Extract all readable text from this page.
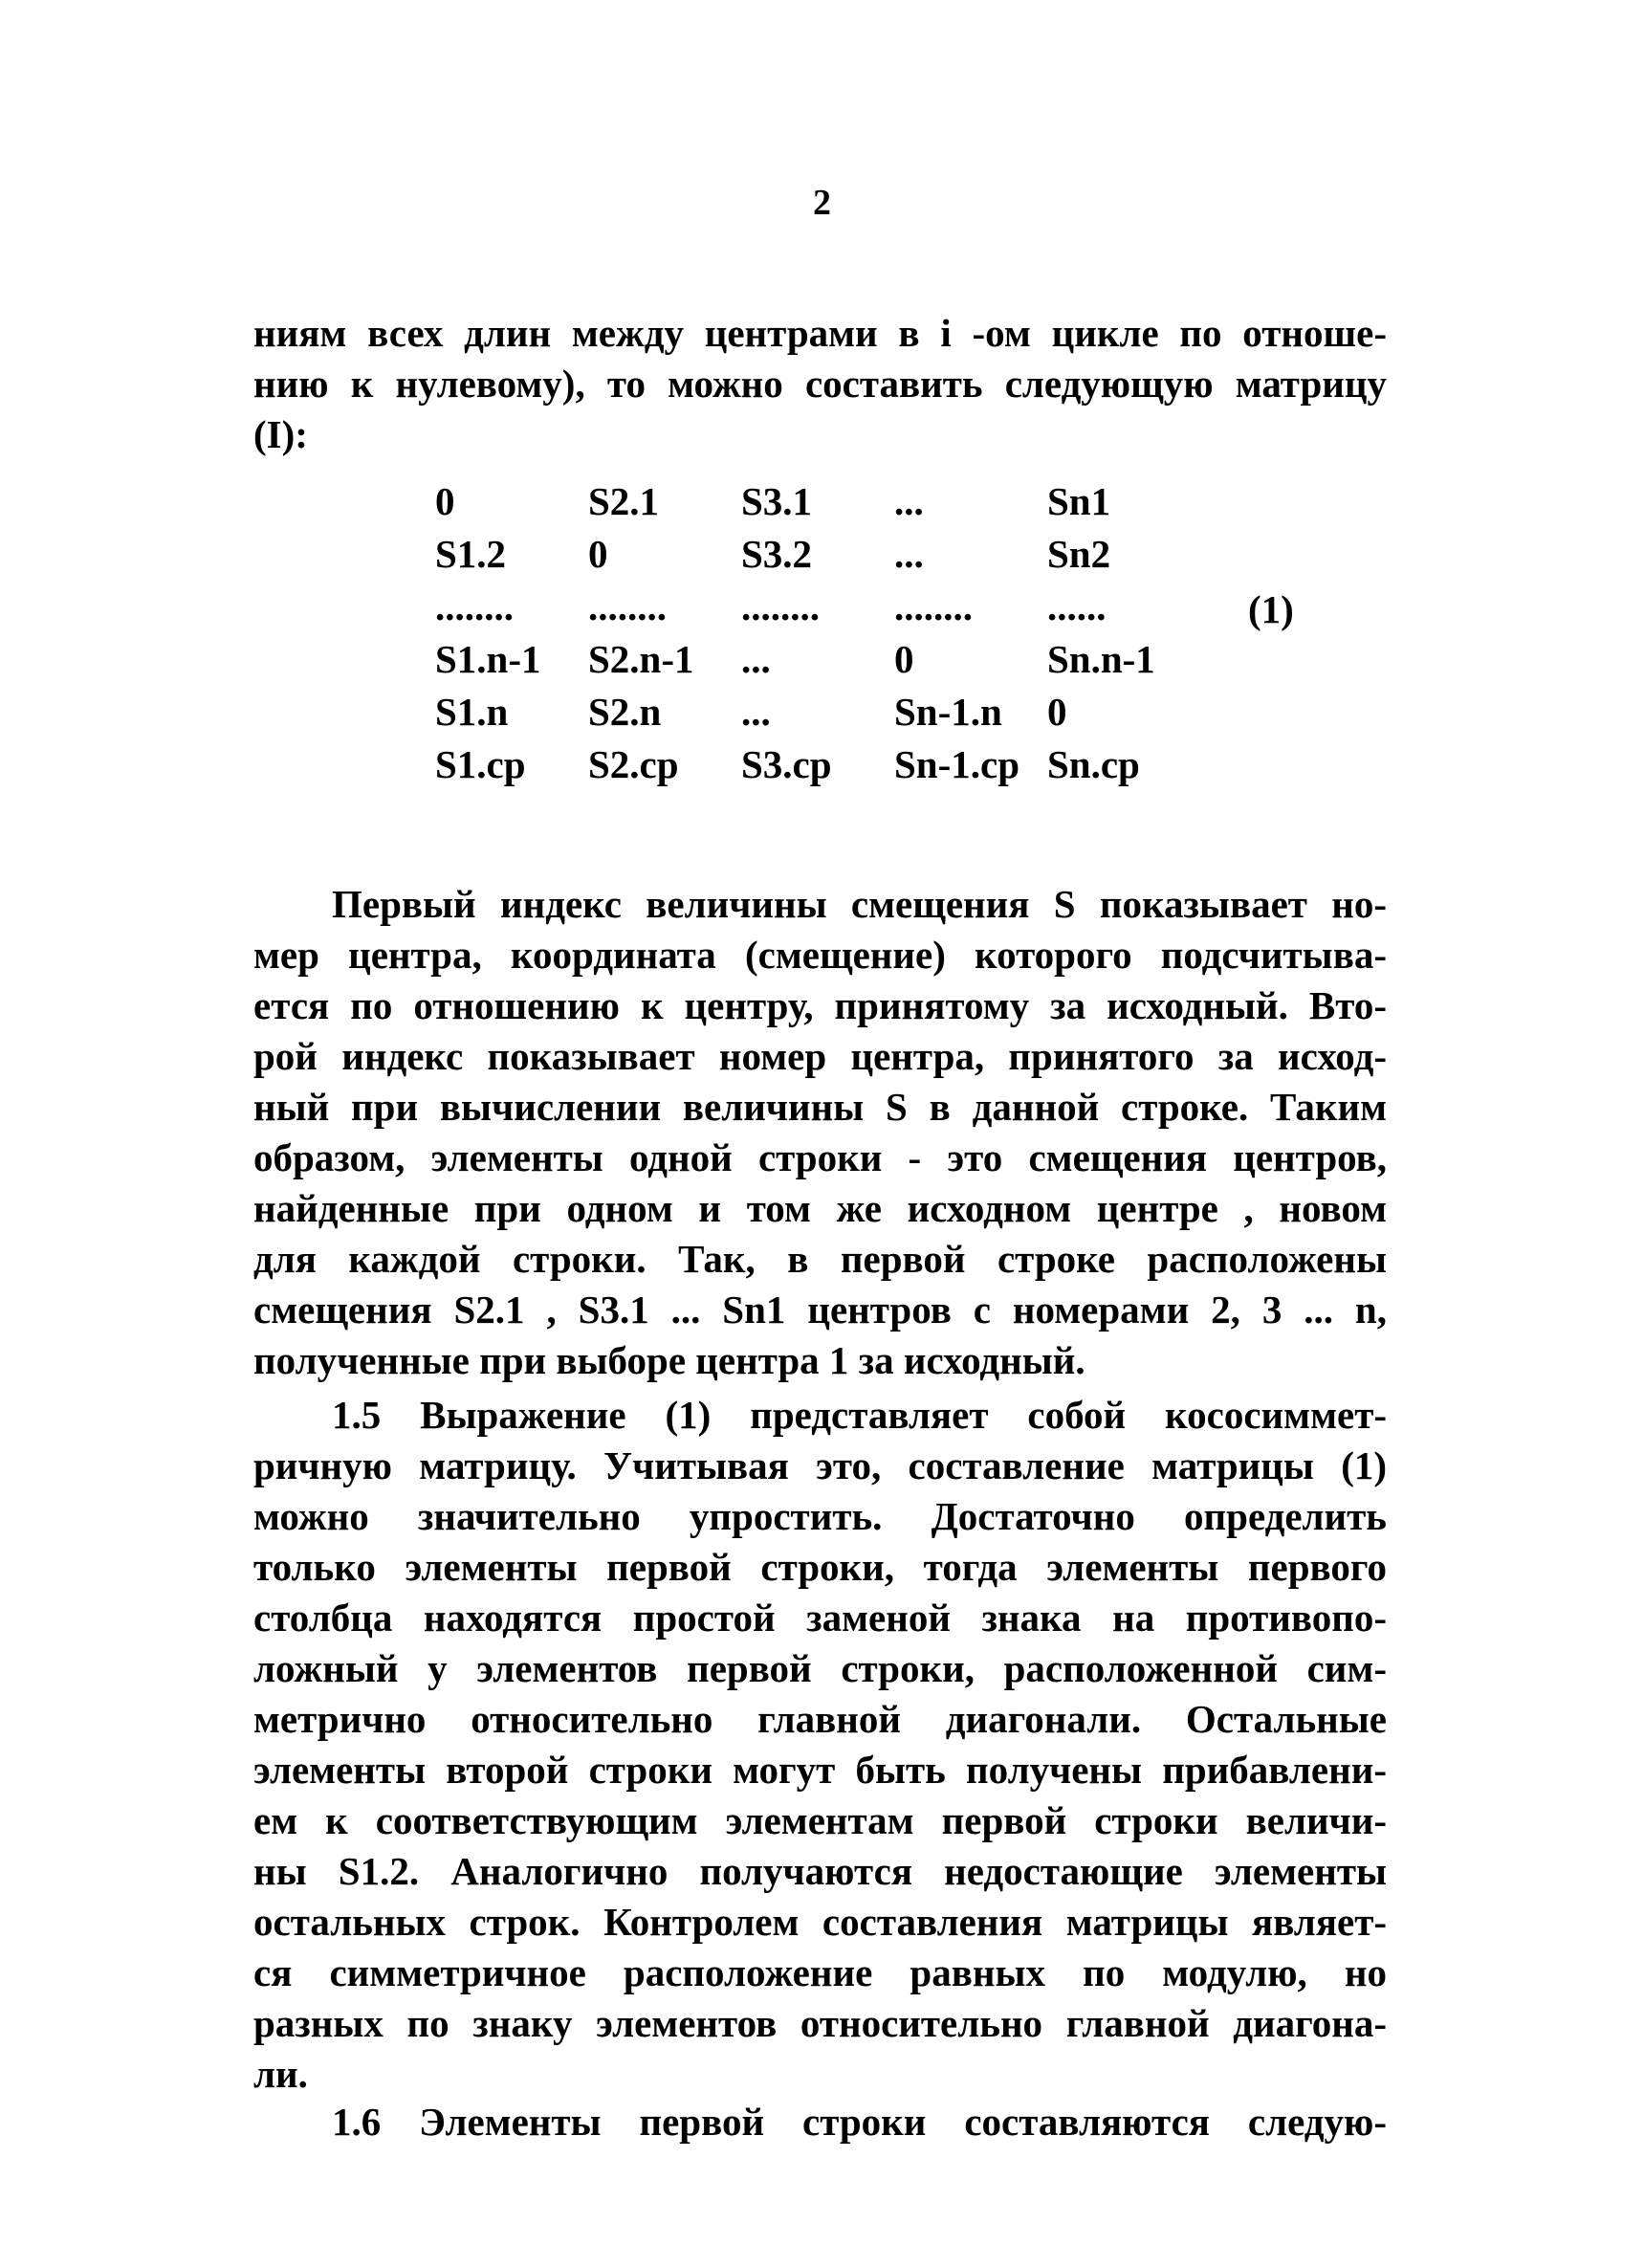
2
ниям всех длин между центрами в i -ом цикле по отноше-
нию к нулевому), то можно составить следующую матрицу
(I):
0	S2.1	S3.1	...	Sn1
S1.2	0	S3.2	...	Sn2
........	........	........	........	......
S1.n-1	S2.n-1	...	0	Sn.n-1
S1.n	S2.n	...	Sn-1.n	0
S1.cp	S2.cp	S3.cp	Sn-1.cp Sn.cp
(1)
Первый индекс величины смещения S показывает но-
мер центра, координата (смещение) которого подсчитыва-
ется по отношению к центру, принятому за исходный. Вто-
рой индекс показывает номер центра, принятого за исход-
ный при вычислении величины S в данной строке. Таким
образом, элементы одной строки - это смещения центров,
найденные при одном и том же исходном центре , новом
для каждой строки. Так, в первой строке расположены
смещения S2.1 , S3.1 ... Sn1 центров с номерами 2, 3 ... n,
полученные при выборе центра 1 за исходный.
1.5 Выражение (1) представляет собой кососиммет-
ричную матрицу. Учитывая это, составление матрицы (1)
можно значительно упростить. Достаточно определить
только элементы первой строки, тогда элементы первого
столбца находятся простой заменой знака на противопо-
ложный у элементов первой строки, расположенной сим-
метрично относительно главной диагонали. Остальные
элементы второй строки могут быть получены прибавлени-
ем к соответствующим элементам первой строки величи-
ны S1.2. Аналогично получаются недостающие элементы
остальных строк. Контролем составления матрицы являет-
ся симметричное расположение равных по модулю, но
разных по знаку элементов относительно главной диагона-
ли.
1.6 Элементы первой строки составляются следую-
